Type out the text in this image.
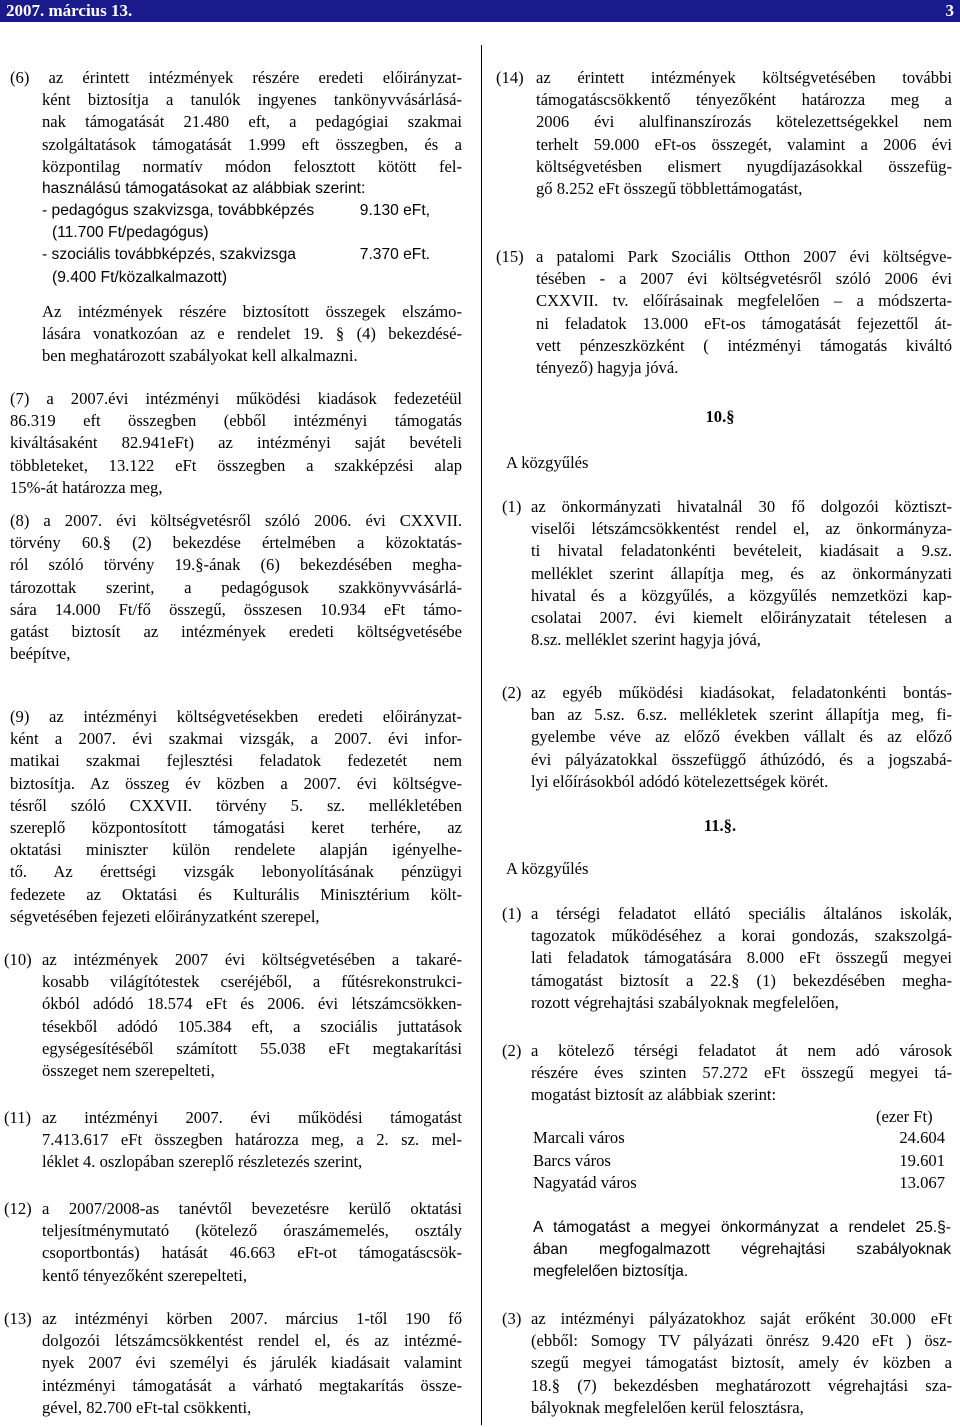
2007. március 13.	3
(6) az érintett intézmények részére eredeti előirányzat-
ként biztosítja a tanulók ingyenes tankönyvvásárlásá-
nak támogatását 21.480 eft, a pedagógiai szakmai
szolgáltatások támogatását 1.999 eft összegben, és a
központilag normatív módon felosztott kötött fel-
használású támogatásokat az alábbiak szerint:
- pedagógus szakvizsga, továbbképzés	9.130 eFt,
(11.700 Ft/pedagógus)
- szociális továbbképzés, szakvizsga	7.370 eFt.
(9.400 Ft/közalkalmazott)
Az intézmények részére biztosított összegek elszámo-
lására vonatkozóan az e rendelet 19. § (4) bekezdésé-
ben meghatározott szabályokat kell alkalmazni.
(7) a 2007.évi intézményi működési kiadások fedezetéül
86.319 eft összegben (ebből intézményi támogatás
kiváltásaként 82.941eFt) az intézményi saját bevételi
többleteket, 13.122 eFt összegben a szakképzési alap
15%-át határozza meg,
(8) a 2007. évi költségvetésről szóló 2006. évi CXXVII.
törvény 60.§ (2) bekezdése értelmében a közoktatás-
ról szóló törvény 19.§-ának (6) bekezdésében megha-
tározottak szerint, a pedagógusok szakkönyvvásárlá-
sára 14.000 Ft/fő összegű, összesen 10.934 eFt támo-
gatást biztosít az intézmények eredeti költségvetésébe
beépítve,
(9) az intézményi költségvetésekben eredeti előirányzat-
ként a 2007. évi szakmai vizsgák, a 2007. évi infor-
matikai szakmai fejlesztési feladatok fedezetét nem
biztosítja. Az összeg év közben a 2007. évi költségve-
tésről szóló CXXVII. törvény 5. sz. mellékletében
szereplő központosított támogatási keret terhére, az
oktatási miniszter külön rendelete alapján igényelhe-
tő. Az érettségi vizsgák lebonyolításának pénzügyi
fedezete az Oktatási és Kulturális Minisztérium költ-
ségvetésében fejezeti előirányzatként szerepel,
(10) az intézmények 2007 évi költségvetésében a takaré-
kosabb világítótestek cseréjéből, a fűtésrekonstrukci-
ókból adódó 18.574 eFt és 2006. évi létszámcsökken-
tésekből adódó 105.384 eft, a szociális juttatások
egységesítéséből számított 55.038 eFt megtakarítási
összeget nem szerepelteti,
(11) az intézményi 2007. évi működési támogatást
7.413.617 eFt összegben határozza meg, a 2. sz. mel-
léklet 4. oszlopában szereplő részletezés szerint,
(12) a 2007/2008-as tanévtől bevezetésre kerülő oktatási
teljesítménymutató (kötelező óraszámemelés, osztály
csoportbontás) hatását 46.663 eFt-ot támogatáscsök-
kentő tényezőként szerepelteti,
(13) az intézményi körben 2007. március 1-től 190 fő
dolgozói létszámcsökkentést rendel el, és az intézmé-
nyek 2007 évi személyi és járulék kiadásait valamint
intézményi támogatását a várható megtakarítás össze-
gével, 82.700 eFt-tal csökkenti,
(14) az érintett intézmények költségvetésében további
támogatáscsökkentő tényezőként határozza meg a
2006 évi alulfinanszírozás kötelezettségekkel nem
terhelt 59.000 eFt-os összegét, valamint a 2006 évi
költségvetésben elismert nyugdíjazásokkal összefüg-
gő 8.252 eFt összegű többlettámogatást,
(15) a patalomi Park Szociális Otthon 2007 évi költségve-
tésében - a 2007 évi költségvetésről szóló 2006 évi
CXXVII. tv. előírásainak megfelelően – a módszerta-
ni feladatok 13.000 eFt-os támogatását fejezettől át-
vett pénzeszközként ( intézményi támogatás kiváltó
tényező) hagyja jóvá.
10.§
A közgyűlés
(1) az önkormányzati hivatalnál 30 fő dolgozói köztiszt-
viselői létszámcsökkentést rendel el, az önkormányza-
ti hivatal feladatonkénti bevételeit, kiadásait a 9.sz.
melléklet szerint állapítja meg, és az önkormányzati
hivatal és a közgyűlés, a közgyűlés nemzetközi kap-
csolatai 2007. évi kiemelt előirányzatait tételesen a
8.sz. melléklet szerint hagyja jóvá,
(2) az egyéb működési kiadásokat, feladatonkénti bontás-
ban az 5.sz. 6.sz. mellékletek szerint állapítja meg, fi-
gyelembe véve az előző években vállalt és az előző
évi pályázatokkal összefüggő áthúzódó, és a jogszabá-
lyi előírásokból adódó kötelezettségek körét.
11.§.
A közgyűlés
(1) a térségi feladatot ellátó speciális általános iskolák,
tagozatok működéséhez a korai gondozás, szakszolgá-
lati feladatok támogatására 8.000 eFt összegű megyei
támogatást biztosít a 22.§ (1) bekezdésében megha-
rozott végrehajtási szabályoknak megfelelően,
(2) a kötelező térségi feladatot át nem adó városok
részére éves szinten 57.272 eFt összegű megyei tá-
mogatást biztosít az alábbiak szerint:
(ezer Ft)
Marcali város	24.604
Barcs város	19.601
Nagyatád város	13.067
A támogatást a megyei önkormányzat a rendelet 25.§-
ában megfogalmazott végrehajtási szabályoknak
megfelelően biztosítja.
(3) az intézményi pályázatokhoz saját erőként 30.000 eFt
(ebből: Somogy TV pályázati önrész 9.420 eFt ) ösz-
szegű megyei támogatást biztosít, amely év közben a
18.§ (7) bekezdésben meghatározott végrehajtási sza-
bályoknak megfelelően kerül felosztásra,
